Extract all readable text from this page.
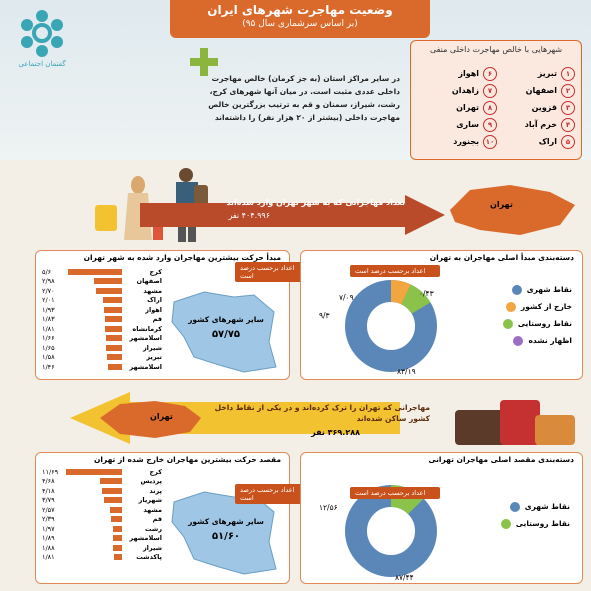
گفتمان اجتماعی
وضعیت مهاجرت شهرهای ایران
(بر اساس سرشماری سال ۹۵)
در سایر مراکز استان (به جز کرمان) خالص مهاجرت داخلی عددی مثبت است. در میان آنها شهرهای کرج، رشت، شیراز، سمنان و قم به ترتیب بزرگترین خالص مهاجرت داخلی (بیشتر از ۲۰ هزار نفر) را داشته‌اند
شهرهایی با خالص مهاجرت داخلی منفی
۱
تبریز
۶
اهواز
۲
اصفهان
۷
زاهدان
۳
قزوین
۸
تهران
۴
خرم آباد
۹
ساری
۵
اراک
۱۰
بجنورد
تعداد مهاجرانی که به شهر تهران وارد شده‌اند
۴۰۴.۹۹۶ نفر
تهران
مبدأ حرکت بیشترین مهاجران وارد شده به شهر تهران
کرج
۵/۶
اصفهان
۲/۹۸
مشهد
۲/۷۰
اراک
۲/۰۱
اهواز
۱/۹۳
قم
۱/۸۳
کرمانشاه
۱/۸۱
اسلامشهر
۱/۶۶
شیراز
۱/۶۵
تبریز
۱/۵۸
اسلامشهر
۱/۴۶
سایر شهرهای کشور
۵۷/۷۵
اعداد برحسب درصد است
دسته‌بندی مبدأ اصلی مهاجران به تهران
۰/۴۳
۷/۰۹
۹/۳
۸۳/۱۹
نقاط شهری
خارج از کشور
نقاط روستایی
اظهار نشده
اعداد برحسب درصد است
تهران
مهاجرانی که تهران را ترک کرده‌اند و در یکی از نقاط داخل کشور ساکن شده‌اند
۳۶۹.۲۸۸ نفر
مقصد حرکت بیشترین مهاجران خارج شده از تهران
کرج
۱۱/۶۹
پردیس
۴/۶۸
پرند
۴/۱۸
شهریار
۳/۷۹
مشهد
۲/۵۷
قم
۲/۳۹
رشت
۱/۹۷
اسلامشهر
۱/۸۹
شیراز
۱/۸۸
پاکدشت
۱/۸۱
سایر شهرهای کشور
۵۱/۶۰
اعداد برحسب درصد است
دسته‌بندی مقصد اصلی مهاجران تهرانی
۱۲/۵۶
۸۷/۴۴
نقاط شهری
نقاط روستایی
اعداد برحسب درصد است
